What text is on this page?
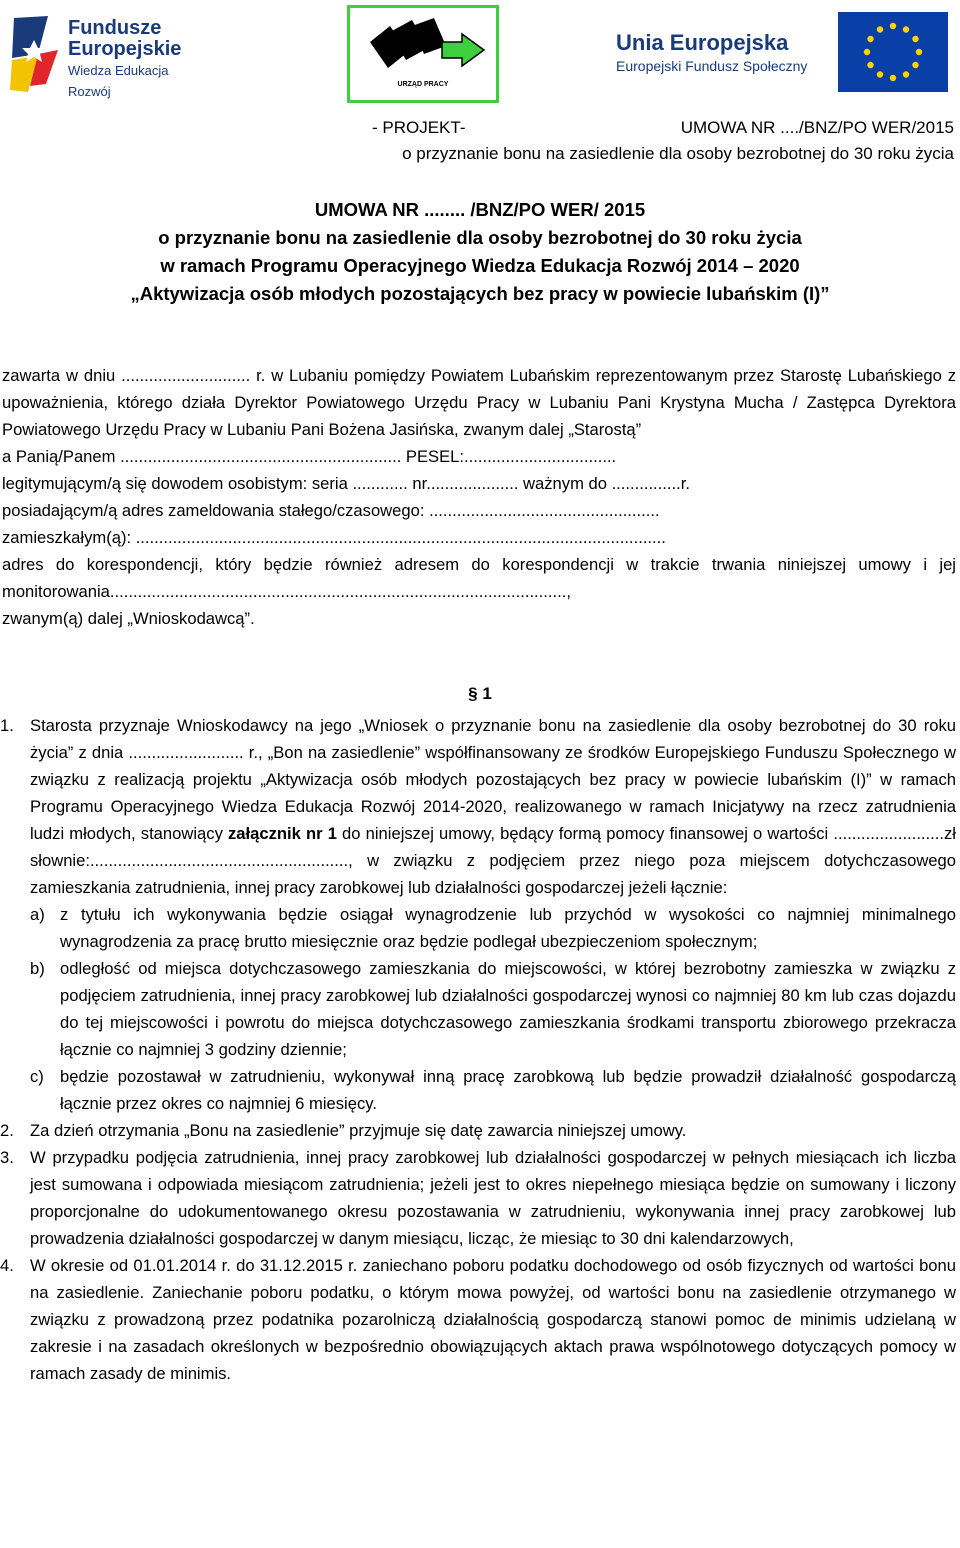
Fundusze
Europejskie
Wiedza Edukacja Rozwój	URZĄD PRACY
Unia Europejska
Europejski Fundusz Społeczny
- PROJEKT-	UMOWA NR ..../BNZ/PO WER/2015
o przyznanie bonu na zasiedlenie dla osoby bezrobotnej do 30 roku życia
UMOWA NR ........ /BNZ/PO WER/ 2015
o przyznanie bonu na zasiedlenie dla osoby bezrobotnej do 30 roku życia
w ramach Programu Operacyjnego Wiedza Edukacja Rozwój 2014 – 2020
„Aktywizacja osób młodych pozostających bez pracy w powiecie lubańskim (I)”

zawarta w dniu ............................ r. w Lubaniu pomiędzy Powiatem Lubańskim reprezentowanym przez Starostę Lubańskiego z upoważnienia, którego działa Dyrektor Powiatowego Urzędu Pracy w Lubaniu Pani Krystyna Mucha / Zastępca Dyrektora Powiatowego Urzędu Pracy w Lubaniu Pani Bożena Jasińska, zwanym dalej „Starostą”

a Panią/Panem ............................................................. PESEL:.................................

legitymującym/ą się dowodem osobistym: seria ............ nr.................... ważnym do ...............r.

posiadającym/ą adres zameldowania stałego/czasowego: ..................................................

zamieszkałym(ą): ...................................................................................................................

adres do korespondencji, który będzie również adresem do korespondencji w trakcie trwania niniejszej umowy i jej monitorowania...................................................................................................,

zwanym(ą) dalej „Wnioskodawcą”.

§ 1
1. Starosta przyznaje Wnioskodawcy na jego „Wniosek o przyznanie bonu na zasiedlenie dla osoby bezrobotnej do 30 roku życia” z dnia ......................... r., „Bon na zasiedlenie” współfinansowany ze środków Europejskiego Funduszu Społecznego w związku z realizacją projektu „Aktywizacja osób młodych pozostających bez pracy w powiecie lubańskim (I)” w ramach Programu Operacyjnego Wiedza Edukacja Rozwój 2014-2020, realizowanego w ramach Inicjatywy na rzecz zatrudnienia ludzi młodych, stanowiący załącznik nr 1 do niniejszej umowy, będący formą pomocy finansowej o wartości ........................zł słownie:........................................................, w związku z podjęciem przez niego poza miejscem dotychczasowego zamieszkania zatrudnienia, innej pracy zarobkowej lub działalności gospodarczej jeżeli łącznie:
a) z tytułu ich wykonywania będzie osiągał wynagrodzenie lub przychód w wysokości co najmniej minimalnego wynagrodzenia za pracę brutto miesięcznie oraz będzie podlegał ubezpieczeniom społecznym;
b) odległość od miejsca dotychczasowego zamieszkania do miejscowości, w której bezrobotny zamieszka w związku z podjęciem zatrudnienia, innej pracy zarobkowej lub działalności gospodarczej wynosi co najmniej 80 km lub czas dojazdu do tej miejscowości i powrotu do miejsca dotychczasowego zamieszkania środkami transportu zbiorowego przekracza łącznie co najmniej 3 godziny dziennie;
c) będzie pozostawał w zatrudnieniu, wykonywał inną pracę zarobkową lub będzie prowadził działalność gospodarczą łącznie przez okres co najmniej 6 miesięcy.
2. Za dzień otrzymania „Bonu na zasiedlenie” przyjmuje się datę zawarcia niniejszej umowy.
3. W przypadku podjęcia zatrudnienia, innej pracy zarobkowej lub działalności gospodarczej w pełnych miesiącach ich liczba jest sumowana i odpowiada miesiącom zatrudnienia; jeżeli jest to okres niepełnego miesiąca będzie on sumowany i liczony proporcjonalne do udokumentowanego okresu pozostawania w zatrudnieniu, wykonywania innej pracy zarobkowej lub prowadzenia działalności gospodarczej w danym miesiącu, licząc, że miesiąc to 30 dni kalendarzowych,
4. W okresie od 01.01.2014 r. do 31.12.2015 r. zaniechano poboru podatku dochodowego od osób fizycznych od wartości bonu na zasiedlenie. Zaniechanie poboru podatku, o którym mowa powyżej, od wartości bonu na zasiedlenie otrzymanego w związku z prowadzoną przez podatnika pozarolniczą działalnością gospodarczą stanowi pomoc de minimis udzielaną w zakresie i na zasadach określonych w bezpośrednio obowiązujących aktach prawa wspólnotowego dotyczących pomocy w ramach zasady de minimis.
